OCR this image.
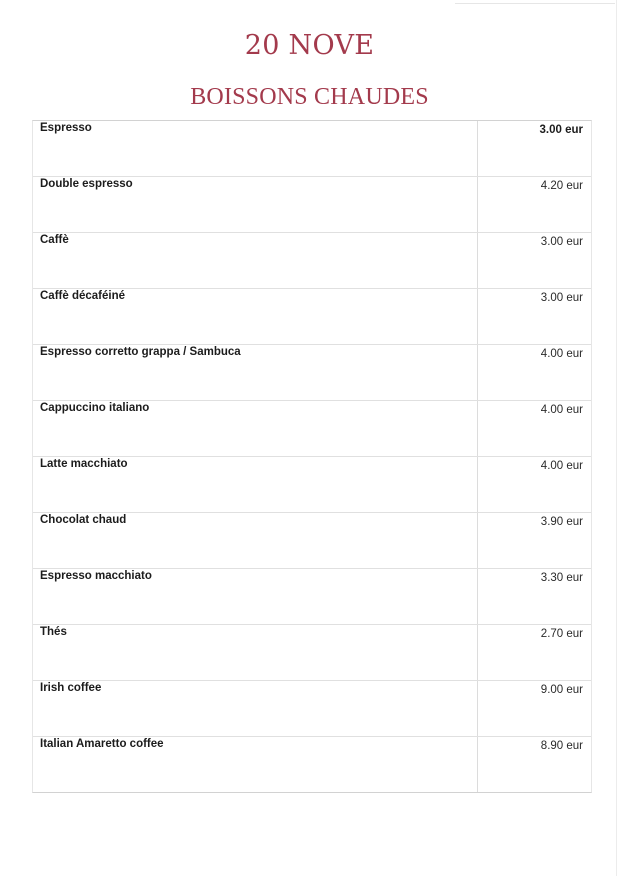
20 NOVE
BOISSONS CHAUDES
Espresso	3.00 eur
Double espresso	4.20 eur
Caffè	3.00 eur
Caffè décaféiné	3.00 eur
Espresso corretto grappa / Sambuca	4.00 eur
Cappuccino italiano	4.00 eur
Latte macchiato	4.00 eur
Chocolat chaud	3.90 eur
Espresso macchiato	3.30 eur
Thés	2.70 eur
Irish coffee	9.00 eur
Italian Amaretto coffee	8.90 eur
